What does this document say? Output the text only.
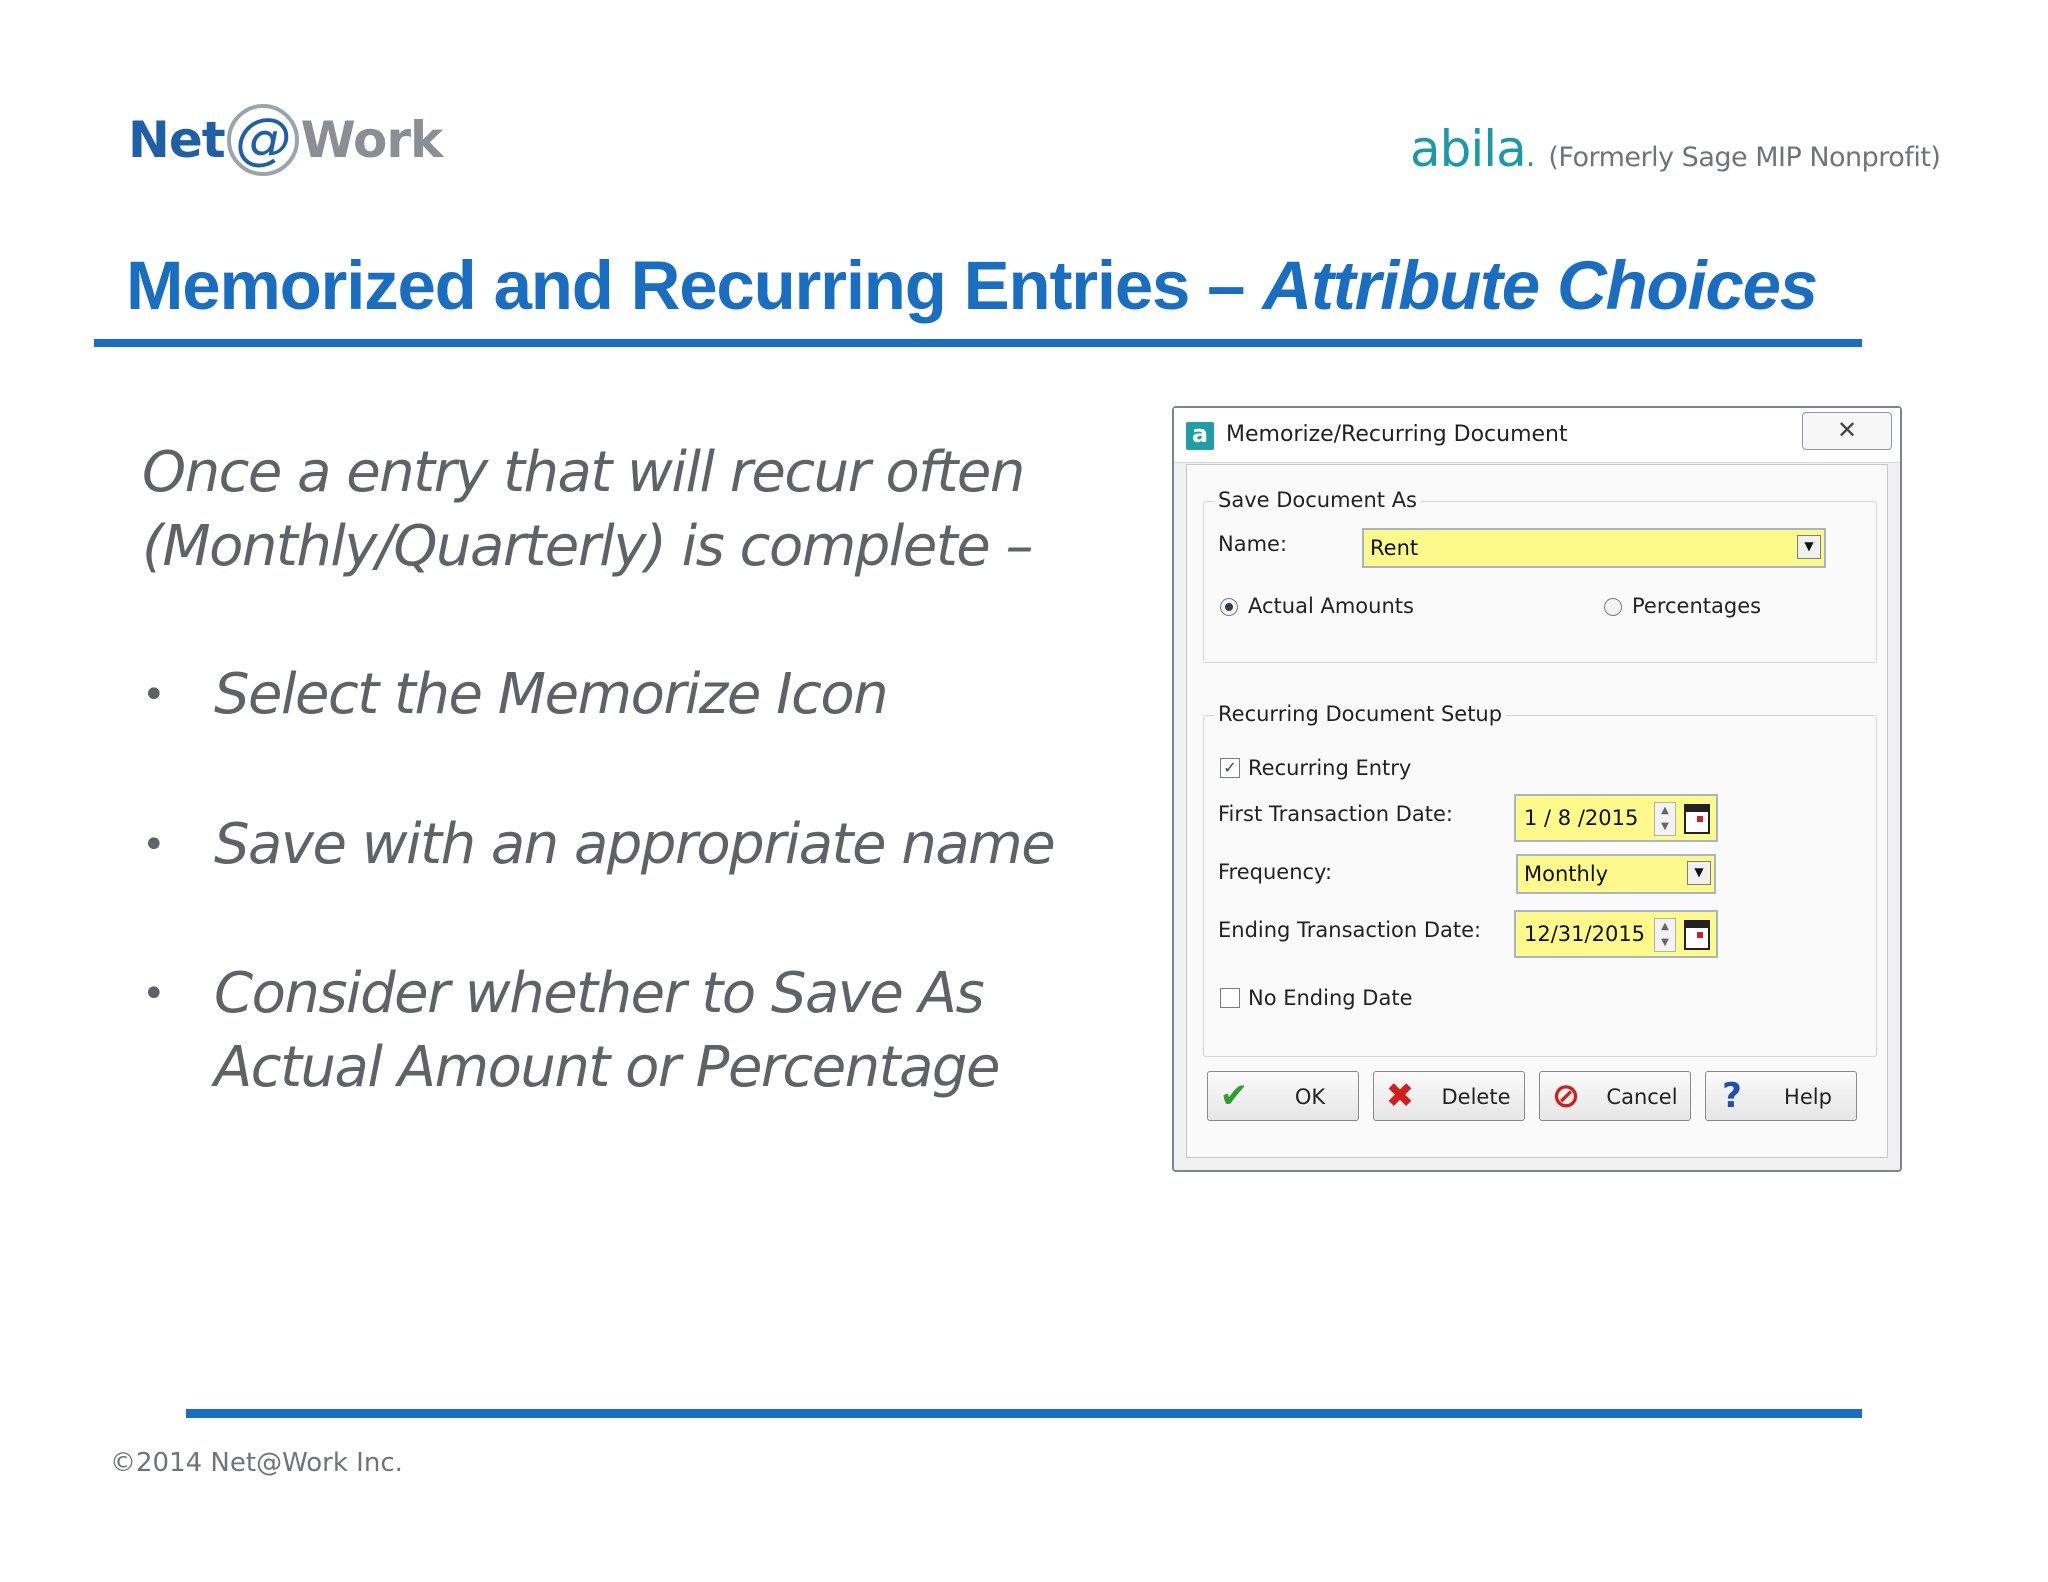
Net @ Work	abila. (Formerly Sage MIP Nonprofit)
Memorized and Recurring Entries – Attribute Choices
Once a entry that will recur often
(Monthly/Quarterly) is complete –
• Select the Memorize Icon
• Save with an appropriate name
• Consider whether to Save As
Actual Amount or Percentage
a Memorize/Recurring Document	✕
Save Document As
Name:	Rent	▼
Actual Amounts	Percentages
Recurring Document Setup
✓ Recurring Entry
First Transaction Date:	1 / 8 /2015	▲
▼
Frequency:	Monthly	▼
Ending Transaction Date: 12/31/2015	▲
▼
No Ending Date
✔	OK	✖	Delete ⊘	Cancel ?	Help
©2014 Net@Work Inc.
